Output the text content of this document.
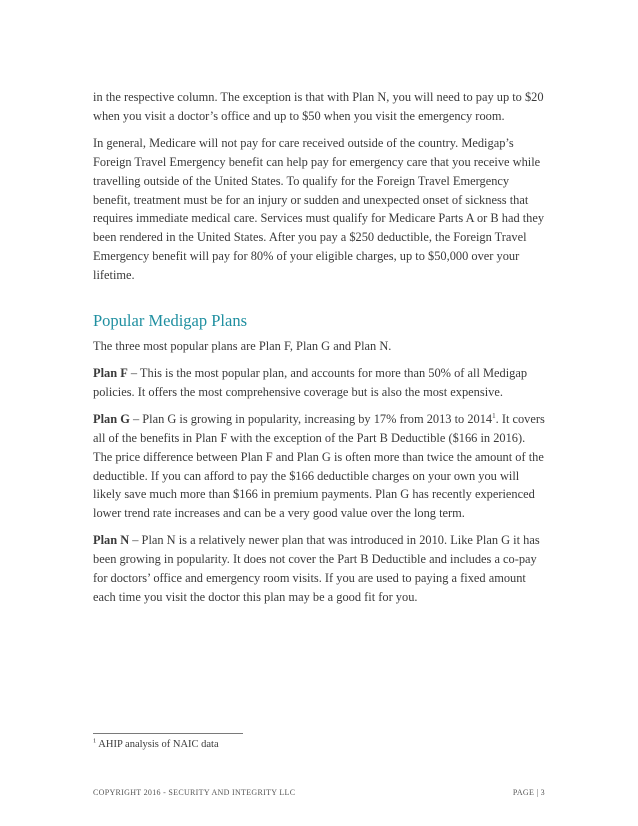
in the respective column. The exception is that with Plan N, you will need to pay up to $20 when you visit a doctor’s office and up to $50 when you visit the emergency room.

In general, Medicare will not pay for care received outside of the country. Medigap’s Foreign Travel Emergency benefit can help pay for emergency care that you receive while travelling outside of the United States. To qualify for the Foreign Travel Emergency benefit, treatment must be for an injury or sudden and unexpected onset of sickness that requires immediate medical care. Services must qualify for Medicare Parts A or B had they been rendered in the United States. After you pay a $250 deductible, the Foreign Travel Emergency benefit will pay for 80% of your eligible charges, up to $50,000 over your lifetime.

Popular Medigap Plans

The three most popular plans are Plan F, Plan G and Plan N.

Plan F – This is the most popular plan, and accounts for more than 50% of all Medigap policies. It offers the most comprehensive coverage but is also the most expensive.

Plan G – Plan G is growing in popularity, increasing by 17% from 2013 to 2014$^1$. It covers all of the benefits in Plan F with the exception of the Part B Deductible ($166 in 2016). The price difference between Plan F and Plan G is often more than twice the amount of the deductible. If you can afford to pay the $166 deductible charges on your own you will likely save much more than $166 in premium payments. Plan G has recently experienced lower trend rate increases and can be a very good value over the long term.

Plan N – Plan N is a relatively newer plan that was introduced in 2010. Like Plan G it has been growing in popularity. It does not cover the Part B Deductible and includes a co-pay for doctors’ office and emergency room visits. If you are used to paying a fixed amount each time you visit the doctor this plan may be a good fit for you.

$^1$ AHIP analysis of NAIC data
COPYRIGHT 2016 - SECURITY AND INTEGRITY LLC	PAGE | 3
